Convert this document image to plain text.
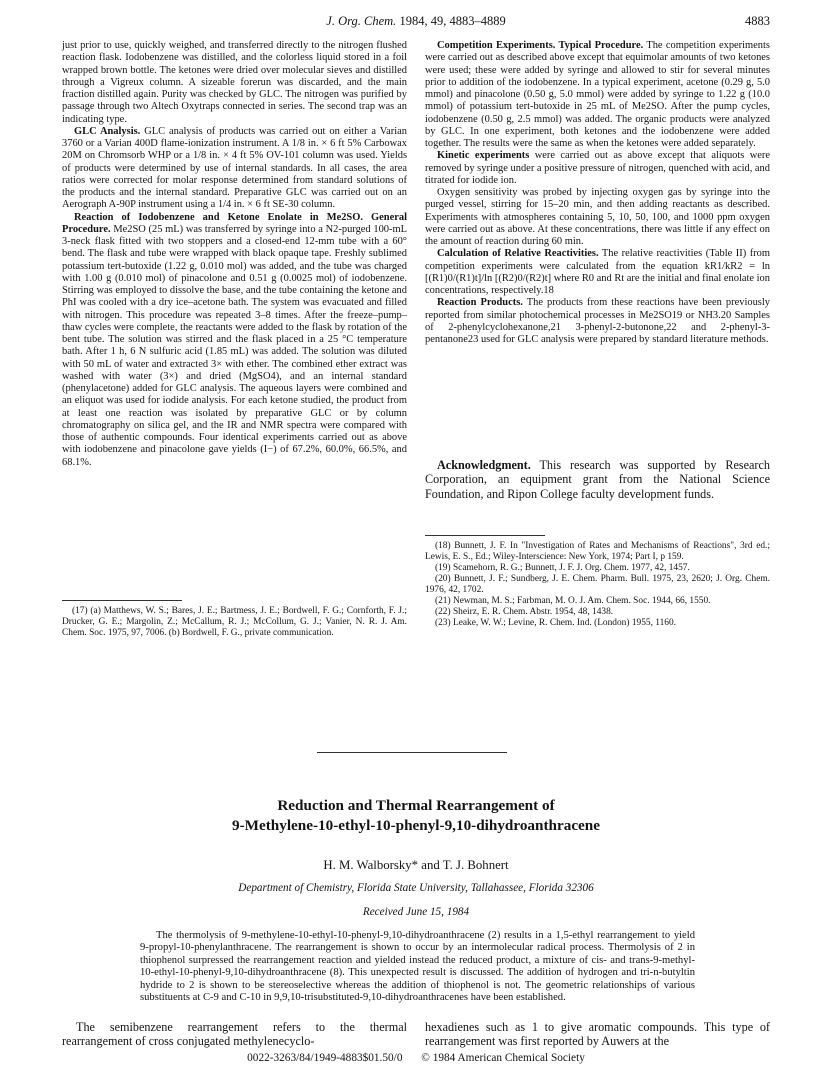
J. Org. Chem. 1984, 49, 4883–4889	4883

just prior to use, quickly weighed, and transferred directly to the nitrogen flushed reaction flask. Iodobenzene was distilled, and the colorless liquid stored in a foil wrapped brown bottle. The ketones were dried over molecular sieves and distilled through a Vigreux column. A sizeable forerun was discarded, and the main fraction distilled again. Purity was checked by GLC. The nitrogen was purified by passage through two Altech Oxytraps connected in series. The second trap was an indicating type.

GLC Analysis. GLC analysis of products was carried out on either a Varian 3760 or a Varian 400D flame-ionization instrument. A 1/8 in. × 6 ft 5% Carbowax 20M on Chromsorb WHP or a 1/8 in. × 4 ft 5% OV-101 column was used. Yields of products were determined by use of internal standards. In all cases, the area ratios were corrected for molar response determined from standard solutions of the products and the internal standard. Preparative GLC was carried out on an Aerograph A-90P instrument using a 1/4 in. × 6 ft SE-30 column.

Reaction of Iodobenzene and Ketone Enolate in Me2SO. General Procedure. Me2SO (25 mL) was transferred by syringe into a N2-purged 100-mL 3-neck flask fitted with two stoppers and a closed-end 12-mm tube with a 60° bend. The flask and tube were wrapped with black opaque tape. Freshly sublimed potassium tert-butoxide (1.22 g, 0.010 mol) was added, and the tube was charged with 1.00 g (0.010 mol) of pinacolone and 0.51 g (0.0025 mol) of iodobenzene. Stirring was employed to dissolve the base, and the tube containing the ketone and PhI was cooled with a dry ice–acetone bath. The system was evacuated and filled with nitrogen. This procedure was repeated 3–8 times. After the freeze–pump–thaw cycles were complete, the reactants were added to the flask by rotation of the bent tube. The solution was stirred and the flask placed in a 25 °C temperature bath. After 1 h, 6 N sulfuric acid (1.85 mL) was added. The solution was diluted with 50 mL of water and extracted 3× with ether. The combined ether extract was washed with water (3×) and dried (MgSO4), and an internal standard (phenylacetone) added for GLC analysis. The aqueous layers were combined and an eliquot was used for iodide analysis. For each ketone studied, the product from at least one reaction was isolated by preparative GLC or by column chromatography on silica gel, and the IR and NMR spectra were compared with those of authentic compounds. Four identical experiments carried out as above with iodobenzene and pinacolone gave yields (I−) of 67.2%, 60.0%, 66.5%, and 68.1%.

(17) (a) Matthews, W. S.; Bares, J. E.; Bartmess, J. E.; Bordwell, F. G.; Cornforth, F. J.; Drucker, G. E.; Margolin, Z.; McCallum, R. J.; McCollum, G. J.; Vanier, N. R. J. Am. Chem. Soc. 1975, 97, 7006. (b) Bordwell, F. G., private communication.

Competition Experiments. Typical Procedure. The competition experiments were carried out as described above except that equimolar amounts of two ketones were used; these were added by syringe and allowed to stir for several minutes prior to addition of the iodobenzene. In a typical experiment, acetone (0.29 g, 5.0 mmol) and pinacolone (0.50 g, 5.0 mmol) were added by syringe to 1.22 g (10.0 mmol) of potassium tert-butoxide in 25 mL of Me2SO. After the pump cycles, iodobenzene (0.50 g, 2.5 mmol) was added. The organic products were analyzed by GLC. In one experiment, both ketones and the iodobenzene were added together. The results were the same as when the ketones were added separately.

Kinetic experiments were carried out as above except that aliquots were removed by syringe under a positive pressure of nitrogen, quenched with acid, and titrated for iodide ion.

Oxygen sensitivity was probed by injecting oxygen gas by syringe into the purged vessel, stirring for 15–20 min, and then adding reactants as described. Experiments with atmospheres containing 5, 10, 50, 100, and 1000 ppm oxygen were carried out as above. At these concentrations, there was little if any effect on the amount of reaction during 60 min.

Calculation of Relative Reactivities. The relative reactivities (Table II) from competition experiments were calculated from the equation kR1/kR2 = ln [(R1)0/(R1)t]/ln [(R2)0/(R2)t] where R0 and Rt are the initial and final enolate ion concentrations, respectively.18

Reaction Products. The products from these reactions have been previously reported from similar photochemical processes in Me2SO19 or NH3.20 Samples of 2-phenylcyclohexanone,21 3-phenyl-2-butonone,22 and 2-phenyl-3-pentanone23 used for GLC analysis were prepared by standard literature methods.

Acknowledgment. This research was supported by Research Corporation, an equipment grant from the National Science Foundation, and Ripon College faculty development funds.

(18) Bunnett, J. F. In "Investigation of Rates and Mechanisms of Reactions", 3rd ed.; Lewis, E. S., Ed.; Wiley-Interscience: New York, 1974; Part I, p 159.

(19) Scamehorn, R. G.; Bunnett, J. F. J. Org. Chem. 1977, 42, 1457.

(20) Bunnett, J. F.; Sundberg, J. E. Chem. Pharm. Bull. 1975, 23, 2620; J. Org. Chem. 1976, 42, 1702.

(21) Newman, M. S.; Farbman, M. O. J. Am. Chem. Soc. 1944, 66, 1550.

(22) Sheirz, E. R. Chem. Abstr. 1954, 48, 1438.

(23) Leake, W. W.; Levine, R. Chem. Ind. (London) 1955, 1160.

Reduction and Thermal Rearrangement of
9-Methylene-10-ethyl-10-phenyl-9,10-dihydroanthracene
H. M. Walborsky* and T. J. Bohnert
Department of Chemistry, Florida State University, Tallahassee, Florida 32306
Received June 15, 1984
The thermolysis of 9-methylene-10-ethyl-10-phenyl-9,10-dihydroanthracene (2) results in a 1,5-ethyl rearrangement to yield 9-propyl-10-phenylanthracene. The rearrangement is shown to occur by an intermolecular radical process. Thermolysis of 2 in thiophenol surpressed the rearrangement reaction and yielded instead the reduced product, a mixture of cis- and trans-9-methyl-10-ethyl-10-phenyl-9,10-dihydroanthracene (8). This unexpected result is discussed. The addition of hydrogen and tri-n-butyltin hydride to 2 is shown to be stereoselective whereas the addition of thiophenol is not. The geometric relationships of various substituents at C-9 and C-10 in 9,9,10-trisubstituted-9,10-dihydroanthracenes have been established.
The semibenzene rearrangement refers to the thermal rearrangement of cross conjugated methylenecyclo-
hexadienes such as 1 to give aromatic compounds. This type of rearrangement was first reported by Auwers at the
0022-3263/84/1949-4883$01.50/0 © 1984 American Chemical Society
